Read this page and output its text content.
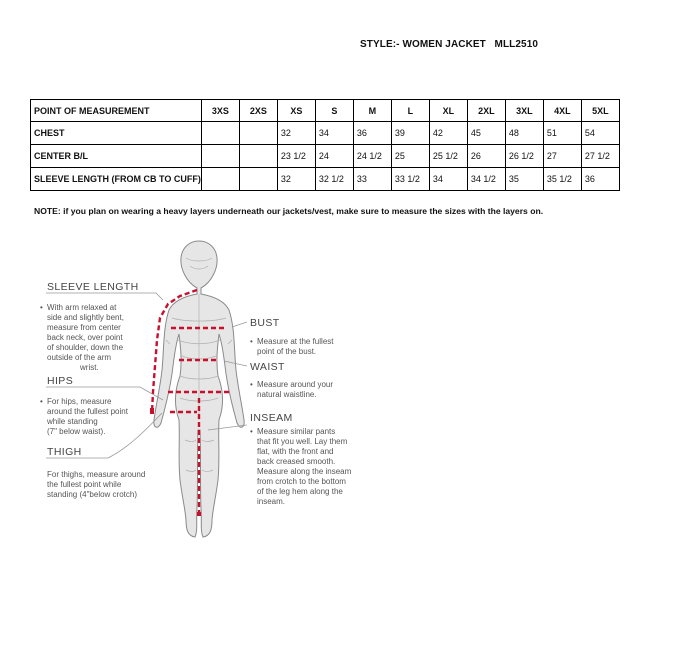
STYLE:- WOMEN JACKET   MLL2510
POINT OF MEASUREMENT	3XS	2XS	XS	S	M	L	XL	2XL	3XL	4XL	5XL
CHEST			32	34	36	39	42	45	48	51	54
CENTER B/L			23 1/2	24	24 1/2	25	25 1/2	26	26 1/2	27	27 1/2
SLEEVE LENGTH (FROM CB TO CUFF)			32	32 1/2	33	33 1/2	34	34 1/2	35	35 1/2	36
NOTE: if you plan on wearing a heavy layers underneath our jackets/vest, make sure to measure the sizes with the layers on.
SLEEVE LENGTH
• With arm relaxed at
side and slightly bent,
measure from center
back neck, over point
of shoulder, down the
outside of the arm
wrist.
HIPS
• For hips, measure
around the fullest point
while standing
(7" below waist).
THIGH
For thighs, measure around
the fullest point while
standing (4"below crotch)
BUST
• Measure at the fullest
point of the bust.
WAIST
• Measure around your
natural waistline.
INSEAM
• Measure similar pants
that fit you well. Lay them
flat, with the front and
back creased smooth.
Measure along the inseam
from crotch to the bottom
of the leg hem along the
inseam.
